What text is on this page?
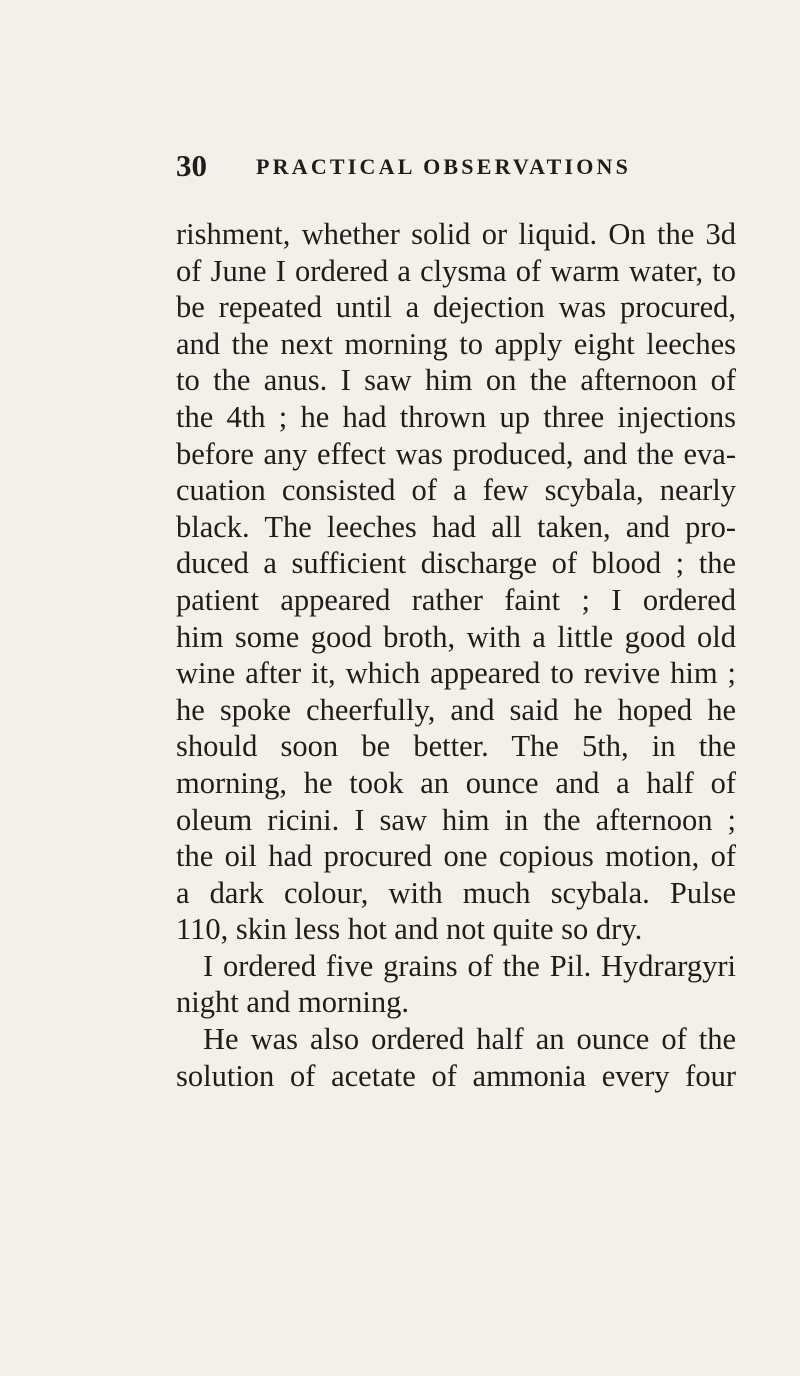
30 PRACTICAL OBSERVATIONS
rishment, whether solid or liquid. On the 3d
of June I ordered a clysma of warm water, to
be repeated until a dejection was procured,
and the next morning to apply eight leeches
to the anus. I saw him on the afternoon of
the 4th ; he had thrown up three injections
before any effect was produced, and the eva-
cuation consisted of a few scybala, nearly
black. The leeches had all taken, and pro-
duced a sufficient discharge of blood ; the
patient appeared rather faint ; I ordered
him some good broth, with a little good old
wine after it, which appeared to revive him ;
he spoke cheerfully, and said he hoped he
should soon be better. The 5th, in the
morning, he took an ounce and a half of
oleum ricini. I saw him in the afternoon ;
the oil had procured one copious motion, of
a dark colour, with much scybala. Pulse
110, skin less hot and not quite so dry.
I ordered five grains of the Pil. Hydrargyri
night and morning.
He was also ordered half an ounce of the
solution of acetate of ammonia every four
